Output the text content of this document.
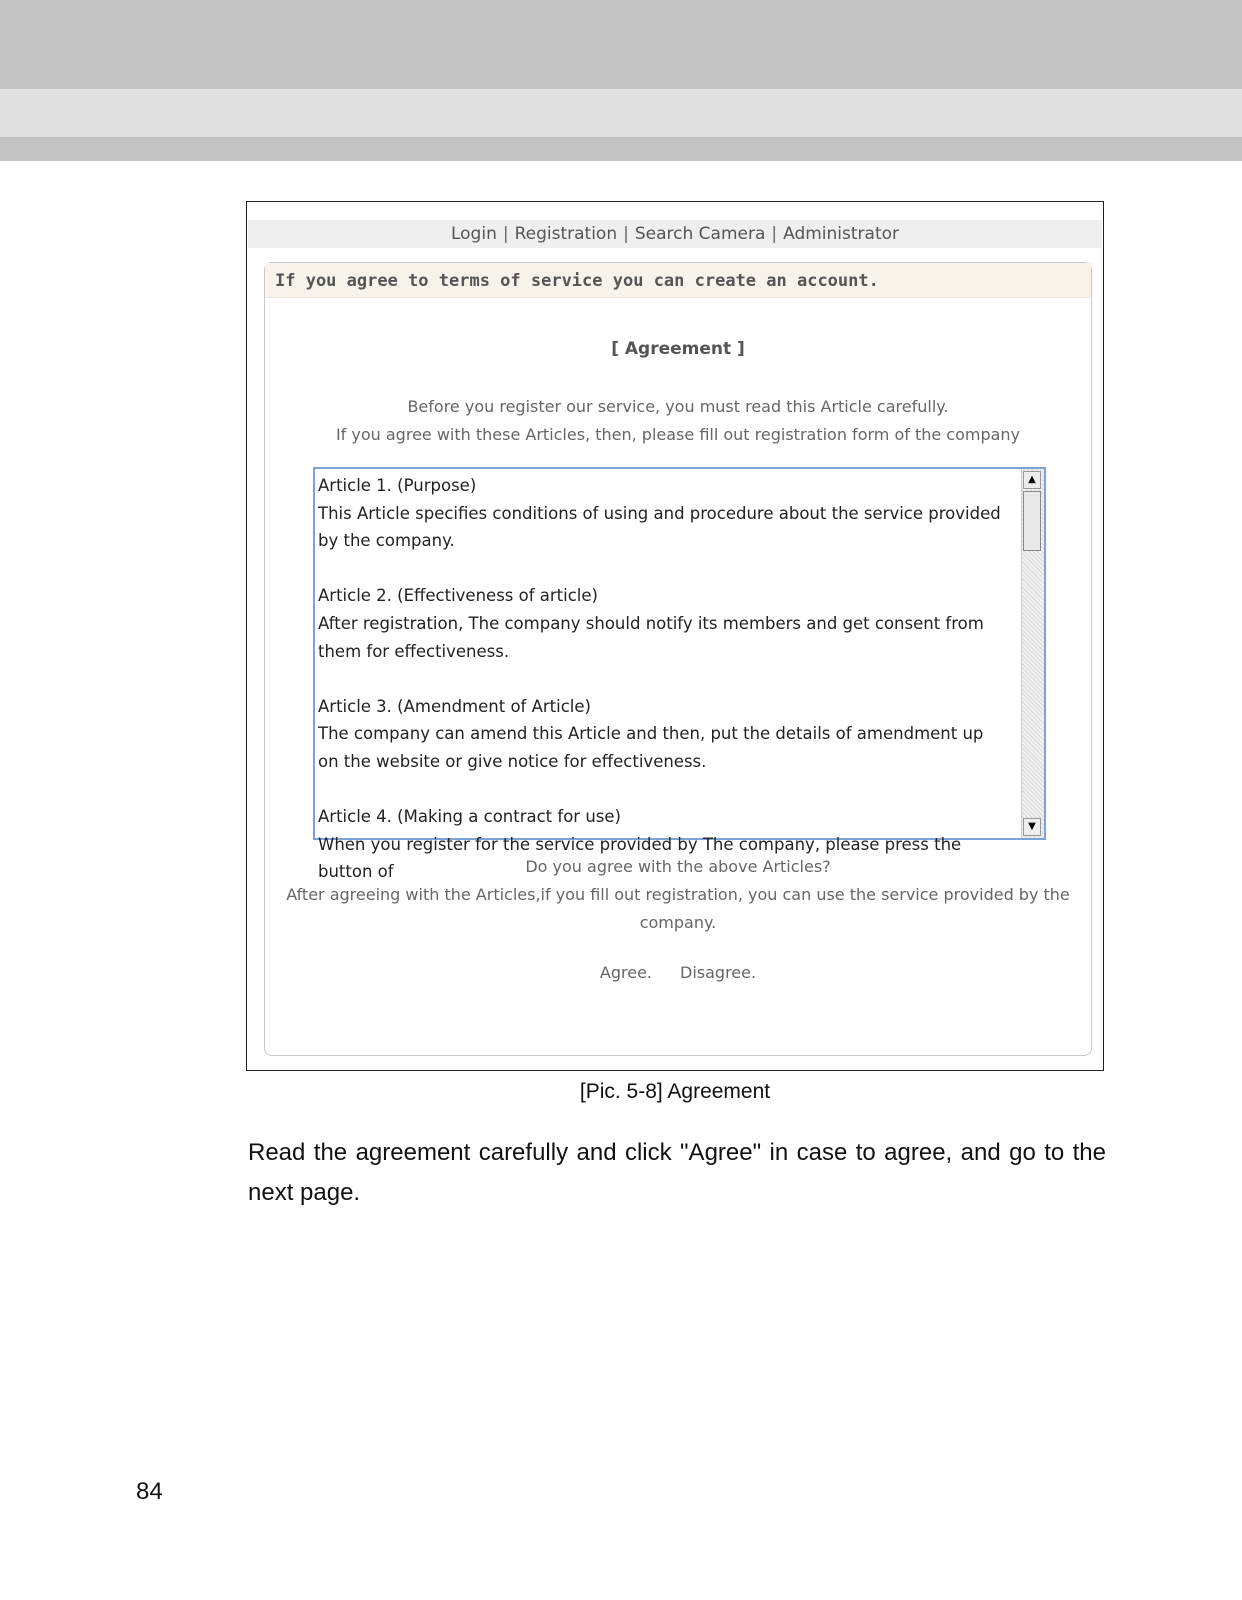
Login | Registration | Search Camera | Administrator
If you agree to terms of service you can create an account.
[ Agreement ]
Before you register our service, you must read this Article carefully.
If you agree with these Articles, then, please fill out registration form of the company

Article 1. (Purpose)
This Article specifies conditions of using and procedure about the service provided by the company.

Article 2. (Effectiveness of article)
After registration, The company should notify its members and get consent from them for effectiveness.

Article 3. (Amendment of Article)
The company can amend this Article and then, put the details of amendment up on the website or give notice for effectiveness.

Article 4. (Making a contract for use)
When you register for the service provided by The company, please press the button of

▲
▼
Do you agree with the above Articles?
After agreeing with the Articles,if you fill out registration, you can use the service provided by the company.
Agree. Disagree.
[Pic. 5-8] Agreement
Read the agreement carefully and click "Agree" in case to agree, and go to the next page.
84
